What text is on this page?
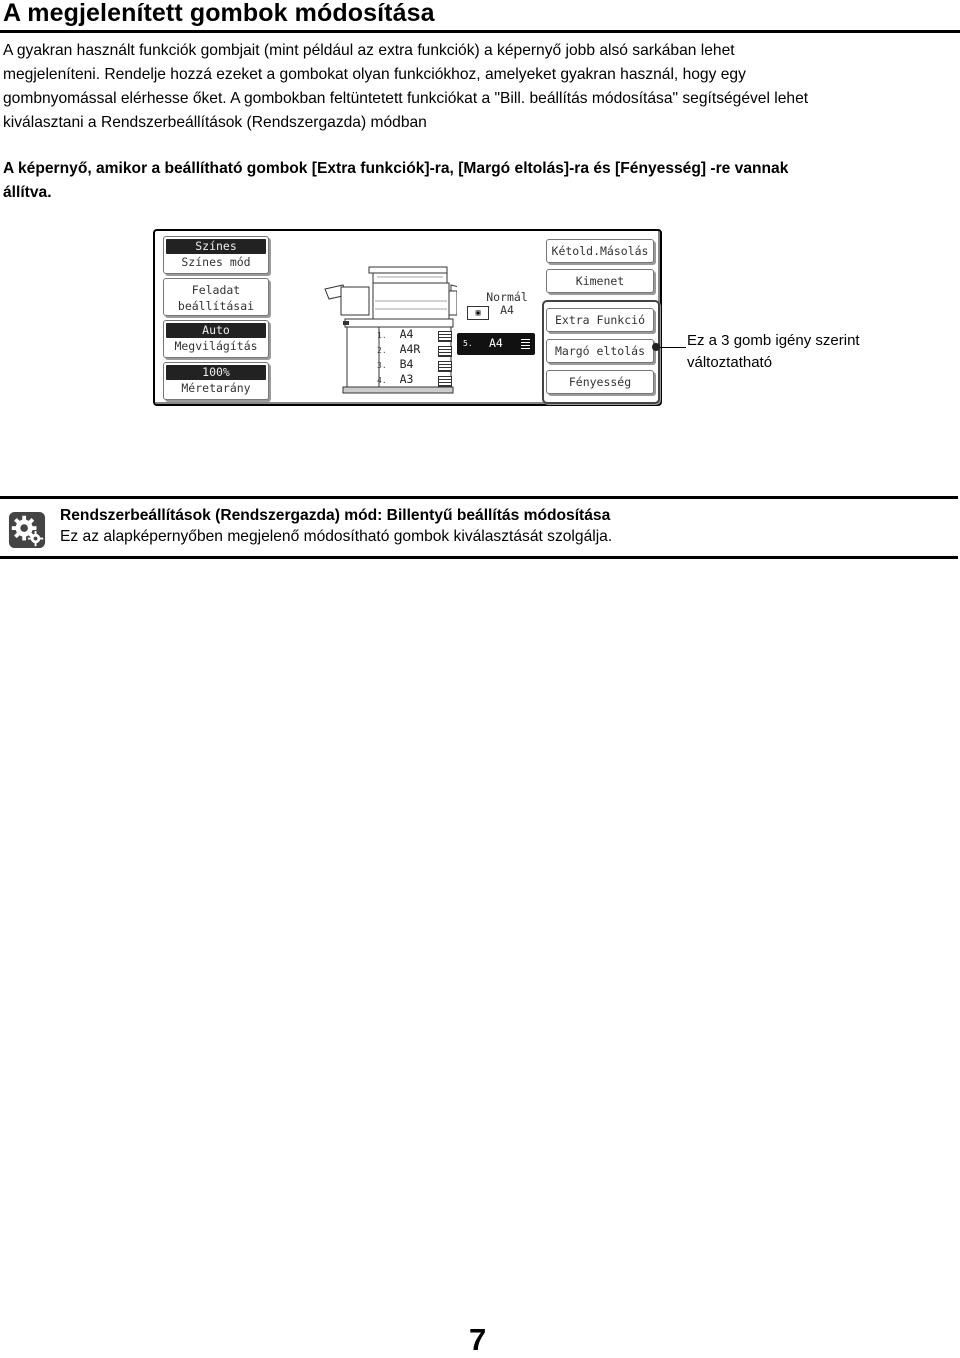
A megjelenített gombok módosítása
A gyakran használt funkciók gombjait (mint például az extra funkciók) a képernyő jobb alsó sarkában lehet
megjeleníteni. Rendelje hozzá ezeket a gombokat olyan funkciókhoz, amelyeket gyakran használ, hogy egy
gombnyomással elérhesse őket. A gombokban feltüntetett funkciókat a "Bill. beállítás módosítása" segítségével lehet
kiválasztani a Rendszerbeállítások (Rendszergazda) módban
A képernyő, amikor a beállítható gombok [Extra funkciók]-ra, [Margó eltolás]-ra és [Fényesség] -re vannak
állítva.
Színes
Színes mód
Feladat
beállításai
Auto
Megvilágítás
100%
Méretarány
1. A4
2. A4R
3. B4
4. A3
▣
Normál
A4
5. A4
Kétold.Másolás
Kimenet
Extra Funkció
Margó eltolás
Fényesség
Ez a 3 gomb igény szerint
változtatható
Rendszerbeállítások (Rendszergazda) mód: Billentyű beállítás módosítása
Ez az alapképernyőben megjelenő módosítható gombok kiválasztását szolgálja.
7
